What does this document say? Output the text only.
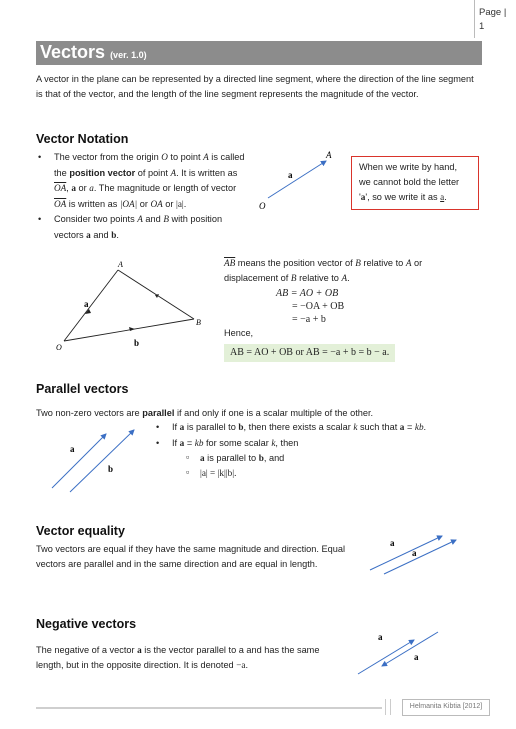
Page |
1
Vectors (ver. 1.0)
A vector in the plane can be represented by a directed line segment, where the direction of the line segment is that of the vector, and the length of the line segment represents the magnitude of the vector.
Vector Notation
• The vector from the origin O to point A is called the position vector of point A. It is written as $\overline{OA}$, a or a. The magnitude or length of vector $\overline{OA}$ is written as |OA| or OA or |a|.
• Consider two points A and B with position vectors a and b.
A
O
a
When we write by hand,
we cannot bold the letter
'a', so we write it as a.
A
B
O
a
b
$\overline{AB}$ means the position vector of B relative to A or displacement of B relative to A.
AB = AO + OB
= −OA + OB
= −a + b
Hence,
AB = AO + OB or AB = −a + b = b − a.
Parallel vectors
Two non-zero vectors are parallel if and only if one is a scalar multiple of the other.
a
b
• If a is parallel to b, then there exists a scalar k such that a = kb.
• If a = kb for some scalar k, then
▫ a is parallel to b, and
▫ |a| = |k||b|.
Vector equality
Two vectors are equal if they have the same magnitude and direction. Equal vectors are parallel and in the same direction and are equal in length.
a
a
Negative vectors
The negative of a vector a is the vector parallel to a and has the same length, but in the opposite direction. It is denoted −a.
a
a
Helmanita Kibtia [2012]
